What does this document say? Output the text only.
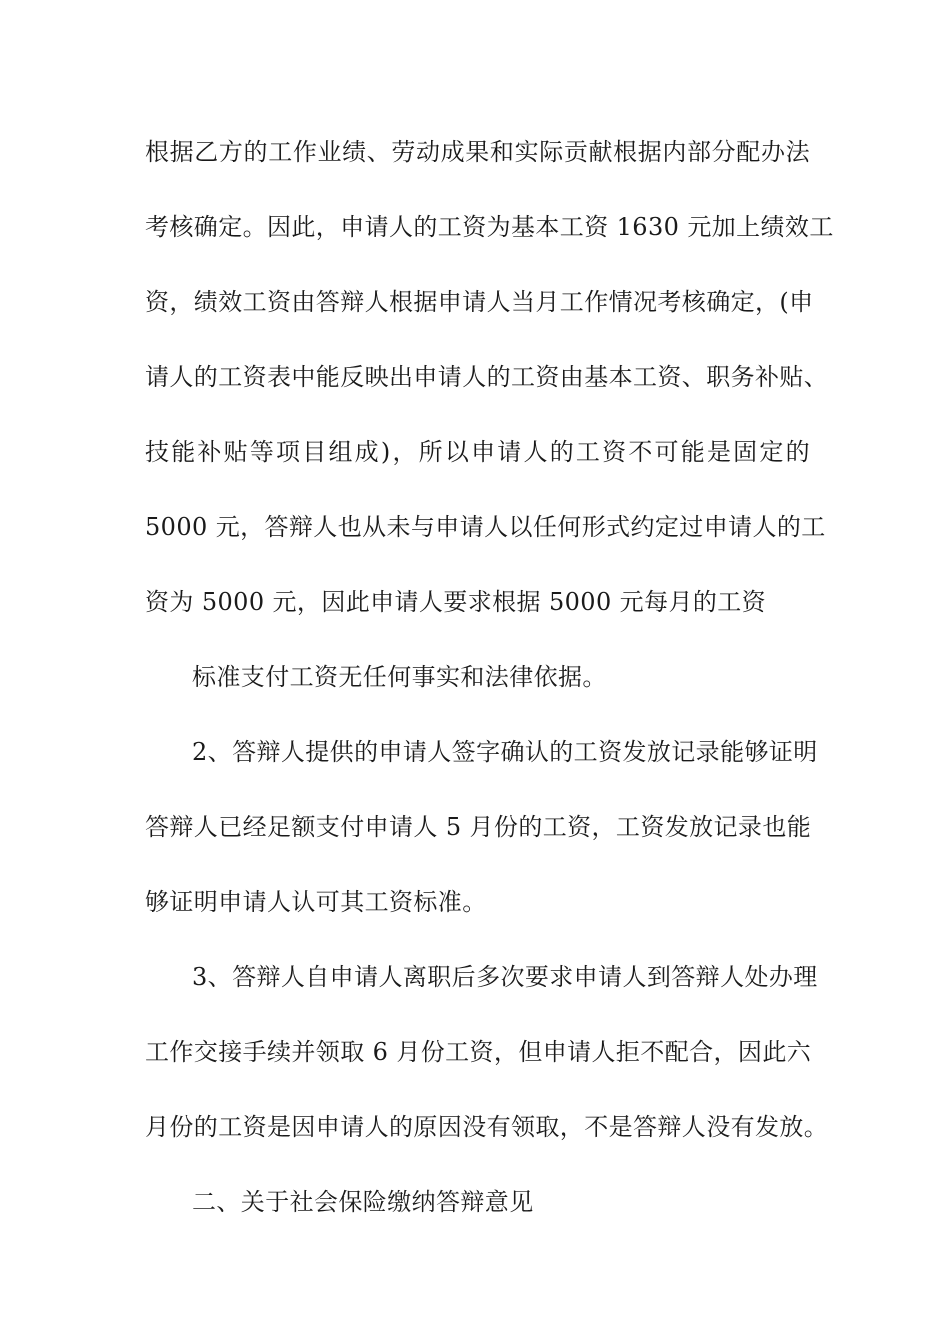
根据乙方的工作业绩、劳动成果和实际贡献根据内部分配办法
考核确定。因此，申请人的工资为基本工资 1630 元加上绩效工
资，绩效工资由答辩人根据申请人当月工作情况考核确定，(申
请人的工资表中能反映出申请人的工资由基本工资、职务补贴、
技能补贴等项目组成)，所以申请人的工资不可能是固定的
5000 元，答辩人也从未与申请人以任何形式约定过申请人的工
资为 5000 元，因此申请人要求根据 5000 元每月的工资
标准支付工资无任何事实和法律依据。
2、答辩人提供的申请人签字确认的工资发放记录能够证明
答辩人已经足额支付申请人 5 月份的工资，工资发放记录也能
够证明申请人认可其工资标准。
3、答辩人自申请人离职后多次要求申请人到答辩人处办理
工作交接手续并领取 6 月份工资，但申请人拒不配合，因此六
月份的工资是因申请人的原因没有领取，不是答辩人没有发放。
二、关于社会保险缴纳答辩意见
